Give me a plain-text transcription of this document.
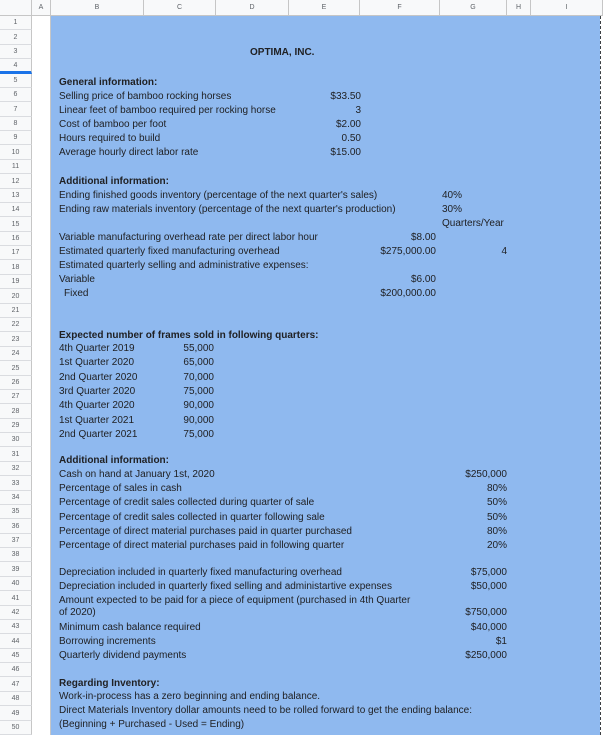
A	B	C	D	E	F	G	H	I
1
2
3
4
5
6
7
8
9
10
11
12
13
14
15
16
17
18
19
20
21
22
23
24
25
26
27
28
29
30
31
32
33
34
35
36
37
38
39
40
41
42
43
44
45
46
47
48
49
50
OPTIMA, INC.
General information:
Selling price of bamboo rocking horses	$33.50
Linear feet of bamboo required per rocking horse	3
Cost of bamboo per foot	$2.00
Hours required to build	0.50
Average hourly direct labor rate	$15.00
Additional information:
Ending finished goods inventory (percentage of the next quarter's sales)	40%
Ending raw materials inventory (percentage of the next quarter's production)	30%
Quarters/Year
Variable manufacturing overhead rate per direct labor hour	$8.00
Estimated quarterly fixed manufacturing overhead	$275,000.00	4
Estimated quarterly selling and administrative expenses:
Variable	$6.00
Fixed	$200,000.00
Expected number of frames sold in following quarters:
4th Quarter 2019	55,000
1st Quarter 2020	65,000
2nd Quarter 2020	70,000
3rd Quarter 2020	75,000
4th Quarter 2020	90,000
1st Quarter 2021	90,000
2nd Quarter 2021	75,000
Additional information:
Cash on hand at January 1st, 2020	$250,000
Percentage of sales in cash	80%
Percentage of credit sales collected during quarter of sale	50%
Percentage of credit sales collected in quarter following sale	50%
Percentage of direct material purchases paid in quarter purchased	80%
Percentage of direct material purchases paid in following quarter	20%
Depreciation included in quarterly fixed manufacturing overhead	$75,000
Depreciation included in quarterly fixed selling and administartive expenses	$50,000
Amount expected to be paid for a piece of equipment (purchased in 4th Quarter
of 2020)	$750,000
Minimum cash balance required	$40,000
Borrowing increments	$1
Quarterly dividend payments	$250,000
Regarding Inventory:
Work-in-process has a zero beginning and ending balance.
Direct Materials Inventory dollar amounts need to be rolled forward to get the ending balance:
(Beginning + Purchased - Used = Ending)
